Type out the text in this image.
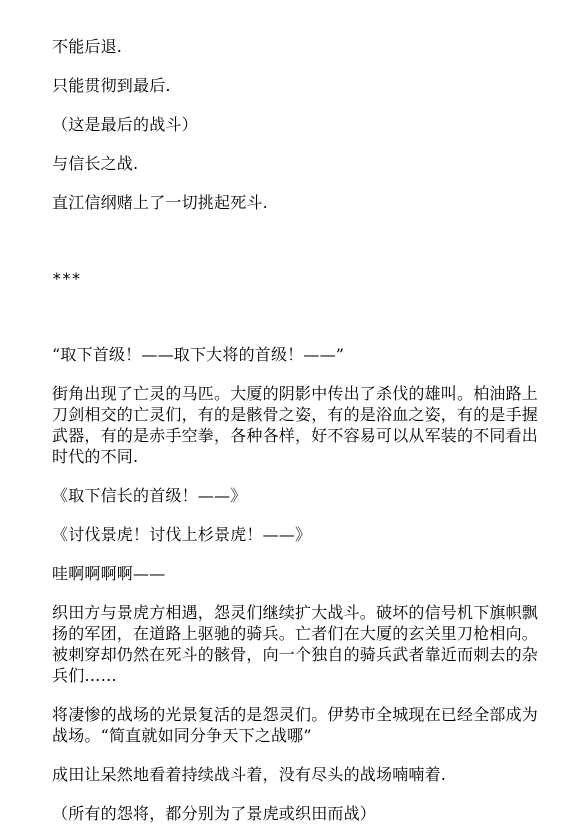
不能后退.

只能贯彻到最后.

（这是最后的战斗）

与信长之战.

直江信纲赌上了一切挑起死斗.

***

“取下首级！——取下大将的首级！——”

街角出现了亡灵的马匹。大厦的阴影中传出了杀伐的雄叫。柏油路上刀剑相交的亡灵们，有的是骸骨之姿，有的是浴血之姿，有的是手握武器，有的是赤手空拳，各种各样，好不容易可以从军装的不同看出时代的不同.

《取下信长的首级！——》

《讨伐景虎！讨伐上杉景虎！——》

哇啊啊啊啊——

织田方与景虎方相遇，怨灵们继续扩大战斗。破坏的信号机下旗帜飘扬的军团，在道路上驱驰的骑兵。亡者们在大厦的玄关里刀枪相向。被刺穿却仍然在死斗的骸骨，向一个独自的骑兵武者靠近而刺去的杂兵们……

将凄惨的战场的光景复活的是怨灵们。伊势市全城现在已经全部成为战场。“简直就如同分争天下之战哪”

成田让呆然地看着持续战斗着，没有尽头的战场喃喃着.

（所有的怨将，都分别为了景虎或织田而战）
